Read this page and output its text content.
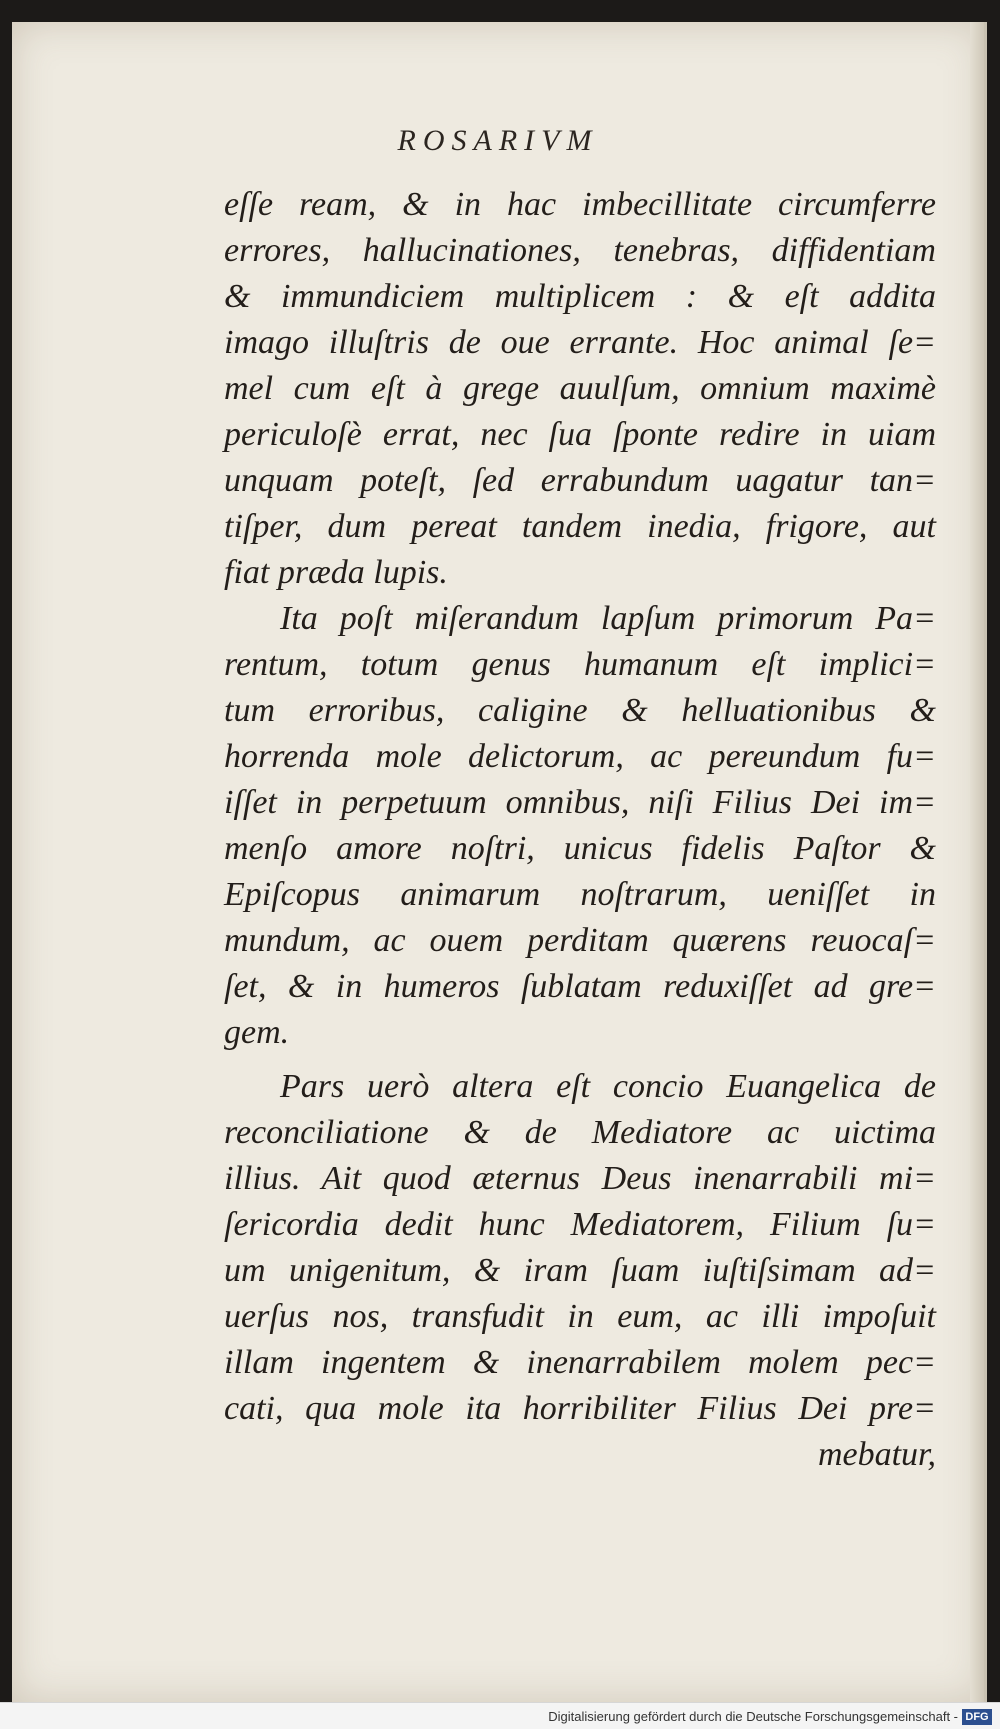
ROSARIVM
eſſe ream, & in hac imbecillitate circumferre
errores, hallucinationes, tenebras, diffidentiam
& immundiciem multiplicem : & eſt addita
imago illuſtris de oue errante. Hoc animal ſe=
mel cum eſt à grege auulſum, omnium maximè
periculoſè errat, nec ſua ſponte redire in uiam
unquam poteſt, ſed errabundum uagatur tan=
tiſper, dum pereat tandem inedia, frigore, aut
fiat præda lupis.
Ita poſt miſerandum lapſum primorum Pa=
rentum, totum genus humanum eſt implici=
tum erroribus, caligine & helluationibus &
horrenda mole delictorum, ac pereundum fu=
iſſet in perpetuum omnibus, niſi Filius Dei im=
menſo amore noſtri, unicus fidelis Paſtor &
Epiſcopus animarum noſtrarum, ueniſſet in
mundum, ac ouem perditam quærens reuocaſ=
ſet, & in humeros ſublatam reduxiſſet ad gre=
gem.
Pars uerò altera eſt concio Euangelica de
reconciliatione & de Mediatore ac uictima
illius. Ait quod æternus Deus inenarrabili mi=
ſericordia dedit hunc Mediatorem, Filium ſu=
um unigenitum, & iram ſuam iuſtiſsimam ad=
uerſus nos, transfudit in eum, ac illi impoſuit
illam ingentem & inenarrabilem molem pec=
cati, qua mole ita horribiliter Filius Dei pre=
mebatur,
Digitalisierung gefördert durch die Deutsche Forschungsgemeinschaft - DFG
